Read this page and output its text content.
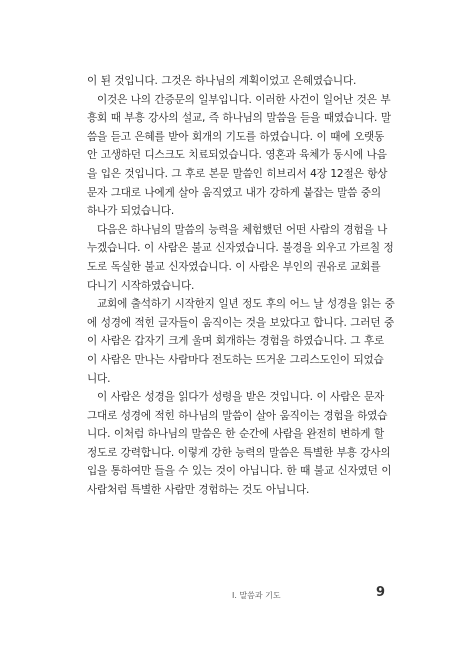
이 된 것입니다. 그것은 하나님의 계획이었고 은혜였습니다.
이것은 나의 간증문의 일부입니다. 이러한 사건이 일어난 것은 부
흥회 때 부흥 강사의 설교, 즉 하나님의 말씀을 듣을 때였습니다. 말
씀을 듣고 은혜를 받아 회개의 기도를 하였습니다. 이 때에 오랫동
안 고생하던 디스크도 치료되었습니다. 영혼과 육체가 동시에 나음
을 입은 것입니다. 그 후로 본문 말씀인 히브리서 4장 12절은 항상
문자 그대로 나에게 살아 움직였고 내가 강하게 붙잡는 말씀 중의
하나가 되었습니다.
다음은 하나님의 말씀의 능력을 체험했던 어떤 사람의 경험을 나
누겠습니다. 이 사람은 불교 신자였습니다. 불경을 외우고 가르칠 정
도로 독실한 불교 신자였습니다. 이 사람은 부인의 권유로 교회를
다니기 시작하였습니다.
교회에 출석하기 시작한지 일년 정도 후의 어느 날 성경을 읽는 중
에 성경에 적힌 글자들이 움직이는 것을 보았다고 합니다. 그러던 중
이 사람은 갑자기 크게 울며 회개하는 경험을 하였습니다. 그 후로
이 사람은 만나는 사람마다 전도하는 뜨거운 그리스도인이 되었습
니다.
이 사람은 성경을 읽다가 성령을 받은 것입니다. 이 사람은 문자
그대로 성경에 적힌 하나님의 말씀이 살아 움직이는 경험을 하였습
니다. 이처럼 하나님의 말씀은 한 순간에 사람을 완전히 변하게 할
정도로 강력합니다. 이렇게 강한 능력의 말씀은 특별한 부흥 강사의
입을 통하여만 들을 수 있는 것이 아닙니다. 한 때 불교 신자였던 이
사람처럼 특별한 사람만 경험하는 것도 아닙니다.
I. 말씀과 기도	9
